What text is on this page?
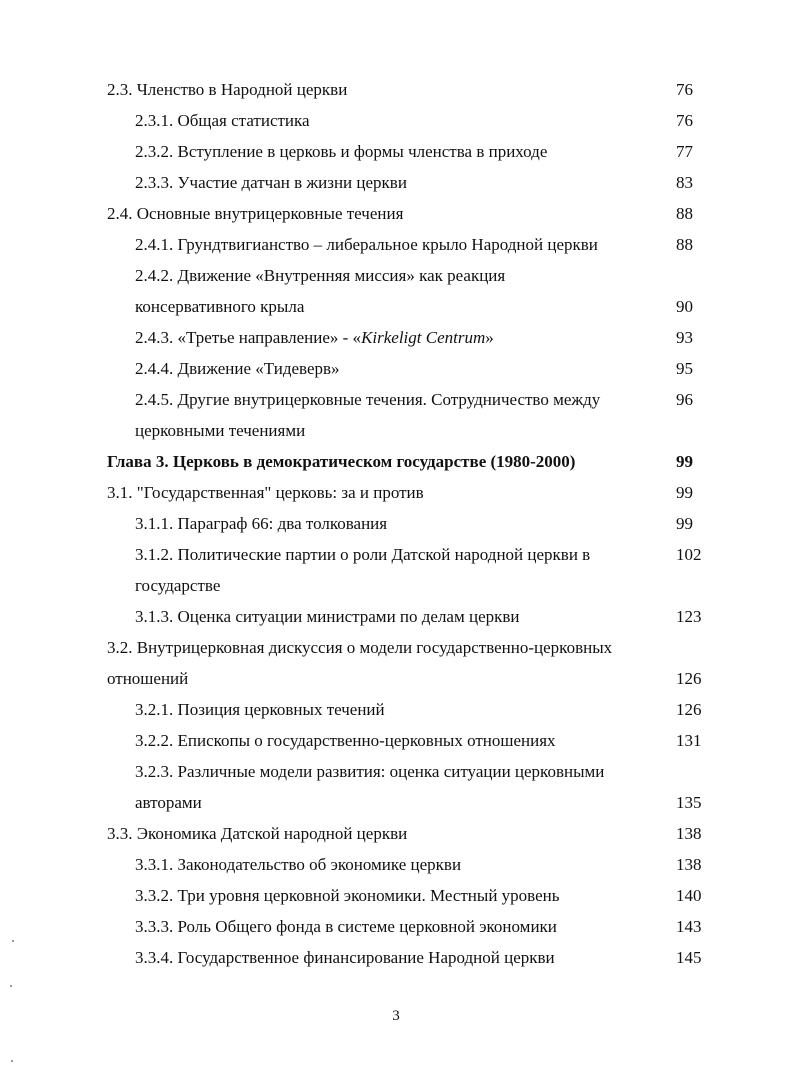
2.3. Членство в Народной церкви	76
2.3.1. Общая статистика	76
2.3.2. Вступление в церковь и формы членства в приходе	77
2.3.3. Участие датчан в жизни церкви	83
2.4. Основные внутрицерковные течения	88
2.4.1. Грундтвигианство – либеральное крыло Народной церкви	88
2.4.2. Движение «Внутренняя миссия» как реакция
консервативного крыла	90
2.4.3. «Третье направление» - «Kirkeligt Centrum»	93
2.4.4. Движение «Тидеверв»	95
2.4.5. Другие внутрицерковные течения. Сотрудничество между	96
церковными течениями
Глава 3. Церковь в демократическом государстве (1980-2000)	99
3.1. "Государственная" церковь: за и против	99
3.1.1. Параграф 66: два толкования	99
3.1.2. Политические партии о роли Датской народной церкви в	102
государстве
3.1.3. Оценка ситуации министрами по делам церкви	123
3.2. Внутрицерковная дискуссия о модели государственно-церковных
отношений	126
3.2.1. Позиция церковных течений	126
3.2.2. Епископы о государственно-церковных отношениях	131
3.2.3. Различные модели развития: оценка ситуации церковными
авторами	135
3.3. Экономика Датской народной церкви	138
3.3.1. Законодательство об экономике церкви	138
3.3.2. Три уровня церковной экономики. Местный уровень	140
3.3.3. Роль Общего фонда в системе церковной экономики	143
3.3.4. Государственное финансирование Народной церкви	145
3
